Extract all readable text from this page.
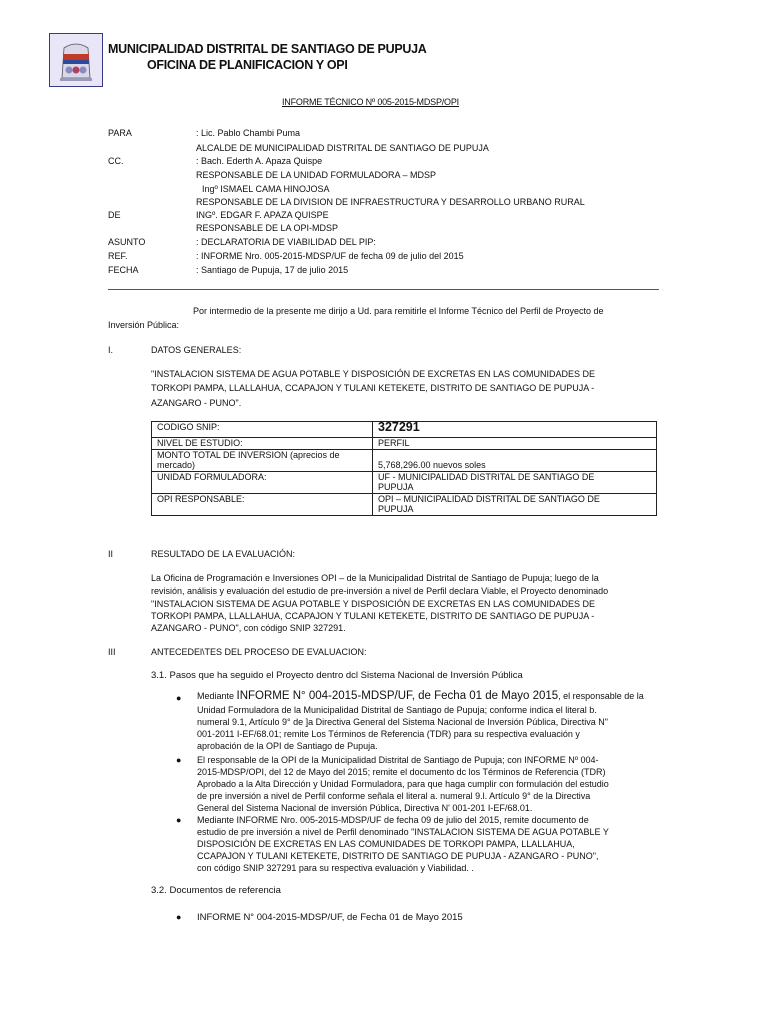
MUNICIPALIDAD DISTRITAL DE SANTIAGO DE PUPUJA
OFICINA DE PLANIFICACION Y OPI
INFORME TÉCNICO Nº 005-2015-MDSP/OPI
PARA	: Lic. Pablo Chambi Puma
ALCALDE DE MUNICIPALIDAD DISTRITAL DE SANTIAGO DE PUPUJA
CC.	: Bach. Ederth A. Apaza Quispe
RESPONSABLE DE LA UNIDAD FORMULADORA – MDSP
Ingº ISMAEL CAMA HINOJOSA
RESPONSABLE DE LA DIVISION DE INFRAESTRUCTURA Y DESARROLLO URBANO RURAL
DE	INGº. EDGAR F. APAZA QUISPE
RESPONSABLE DE LA OPI-MDSP
ASUNTO	: DECLARATORIA DE VIABILIDAD DEL PIP:
REF.	: INFORME Nro. 005-2015-MDSP/UF de fecha 09 de julio del 2015
FECHA	: Santiago de Pupuja, 17 de julio 2015
Por intermedio de la presente me dirijo a Ud. para remitirle el Informe Técnico del Perfil de Proyecto de
Inversión Pública:
I.	DATOS GENERALES:
"INSTALACION SISTEMA DE AGUA POTABLE Y DISPOSICIÓN DE EXCRETAS EN LAS COMUNIDADES DE
TORKOPI PAMPA, LLALLAHUA, CCAPAJON Y TULANI KETEKETE, DISTRITO DE SANTIAGO DE PUPUJA -
AZANGARO - PUNO".
CODIGO SNIP:	327291
NIVEL DE ESTUDIO:	PERFIL

MONTO TOTAL DE INVERSION (aprecios de
mercado)	5,768,296.00 nuevos soles
UNIDAD FORMULADORA:	UF - MUNICIPALIDAD DISTRITAL DE SANTIAGO DE
PUPUJA

OPI RESPONSABLE:	OPI – MUNICIPALIDAD DISTRITAL DE SANTIAGO DE
PUPUJA
II	RESULTADO DE LA EVALUACIÓN:
La Oficina de Programación e Inversiones OPI – de la Municipalidad Distrital de Santiago de Pupuja; luego de la
revisión, análisis y evaluación del estudio de pre-inversión a nivel de Perfil declara Viable, el Proyecto denominado
"INSTALACION SISTEMA DE AGUA POTABLE Y DISPOSICIÓN DE EXCRETAS EN LAS COMUNIDADES DE
TORKOPI PAMPA, LLALLAHUA, CCAPAJON Y TULANI KETEKETE, DISTRITO DE SANTIAGO DE PUPUJA -
AZANGARO - PUNO", con código SNIP 327291.
III	ANTECEDEl\TES DEL PROCESO DE EVALUACION:
3.1. Pasos que ha seguido el Proyecto dentro dcl Sistema Nacional de Inversión Pública
● Mediante INFORME N° 004-2015-MDSP/UF, de Fecha 01 de Mayo 2015, el responsable de la
Unidad Formuladora de la Municipalidad Distrital de Santiago de Pupuja; conforme indica el literal b.
numeral 9.1, Artículo 9° de ]a Directiva General del Sistema Nacional de Inversión Pública, Directiva N"
001-2011 I-EF/68.01; remite Los Términos de Referencia (TDR) para su respectiva evaluación y
aprobación de la OPI de Santiago de Pupuja.
● El responsable de la OPI de la Municipalidad Distrital de Santiago de Pupuja; con INFORME Nº 004-
2015-MDSP/OPI, del 12 de Mayo del 2015; remite el documento dc los Términos de Referencia (TDR)
Aprobado a la Alta Dirección y Unidad Formuladora, para que haga cumplir con formulación del estudio
de pre inversión a nivel de Perfil conforme señala el literal a. numeral 9.l. Artículo 9° de la Directiva
General del Sistema Nacional de inversión Pública, Directiva N' 001-201 I-EF/68.01.
● Mediante INFORME Nro. 005-2015-MDSP/UF de fecha 09 de julio del 2015, remite documento de
estudio de pre inversión a nivel de Perfil denominado "INSTALACION SISTEMA DE AGUA POTABLE Y
DISPOSICIÓN DE EXCRETAS EN LAS COMUNIDADES DE TORKOPI PAMPA, LLALLAHUA,
CCAPAJON Y TULANI KETEKETE, DISTRITO DE SANTIAGO DE PUPUJA - AZANGARO - PUNO",
con código SNIP 327291 para su respectiva evaluación y Viabilidad. .
3.2. Documentos de referencia
● INFORME N° 004-2015-MDSP/UF, de Fecha 01 de Mayo 2015
